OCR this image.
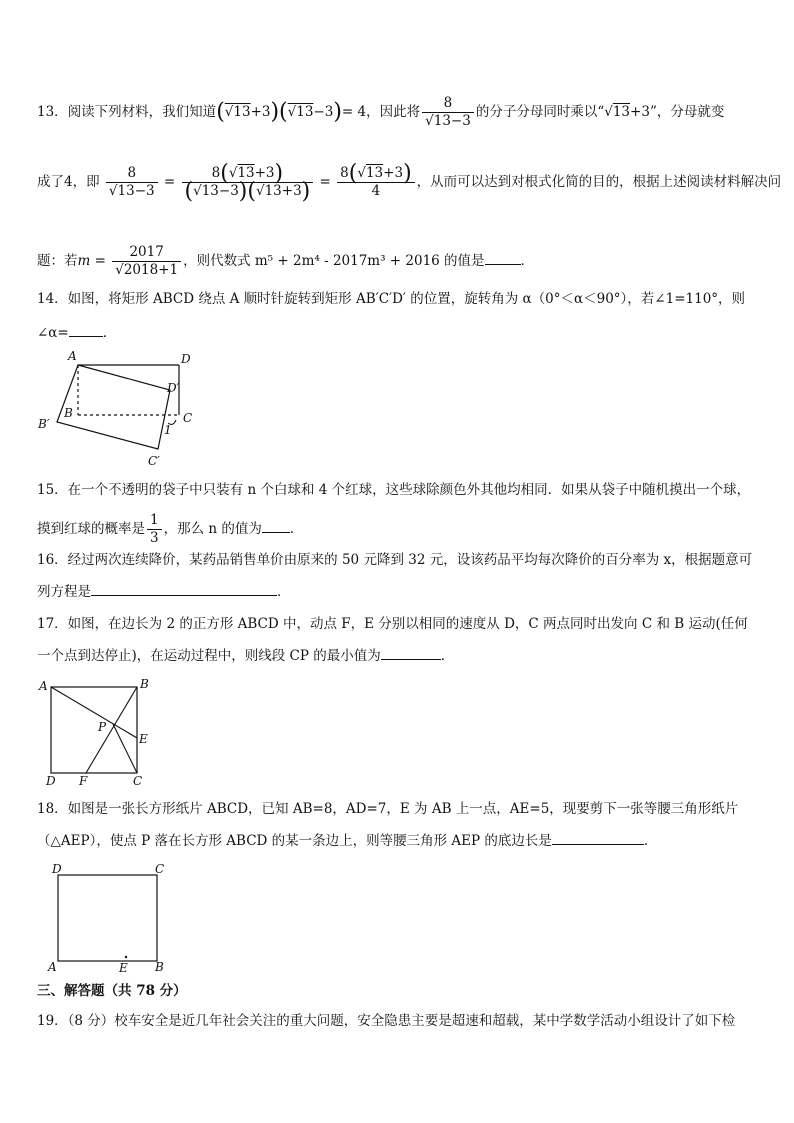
13．阅读下列材料，我们知道(√13+3)(√13−3)= 4，因此将 $\frac{8}{√13-3}$ 的分子分母同时乘以“√13+3”，分母就变
成了4，即 $\frac{8}{√13-3} = \frac{8(√13+3)}{(√13-3)(√13+3)} = \frac{8(√13+3)}{4}$ ，从而可以达到对根式化简的目的，根据上述阅读材料解决问
题：若$m = \frac{2017}{√2018+1}$ ，则代数式 m⁵ + 2m⁴ - 2017m³ + 2016 的值是	．
14．如图，将矩形 ABCD 绕点 A 顺时针旋转到矩形 AB′C′D′ 的位置，旋转角为 α（0°＜α＜90°），若∠1=110°，则
∠α=	．
A	D
D′
B	C
B′	1
C′
15．在一个不透明的袋子中只装有 n 个白球和 4 个红球，这些球除颜色外其他均相同．如果从袋子中随机摸出一个球，
摸到红球的概率是 $\frac{1}{3}$ ，那么 n 的值为 ．
16．经过两次连续降价，某药品销售单价由原来的 50 元降到 32 元，设该药品平均每次降价的百分率为 x，根据题意可
列方程是	．
17．如图，在边长为 2 的正方形 ABCD 中，动点 F，E 分别以相同的速度从 D，C 两点同时出发向 C 和 B 运动(任何
一个点到达停止)，在运动过程中，则线段 CP 的最小值为	．
A	B
P
E
D F	C
18．如图是一张长方形纸片 ABCD，已知 AB=8，AD=7，E 为 AB 上一点，AE=5，现要剪下一张等腰三角形纸片
（△AEP），使点 P 落在长方形 ABCD 的某一条边上，则等腰三角形 AEP 的底边长是	．
D	C
A	E B
三、解答题（共 78 分）
19．（8 分）校车安全是近几年社会关注的重大问题，安全隐患主要是超速和超载，某中学数学活动小组设计了如下检
